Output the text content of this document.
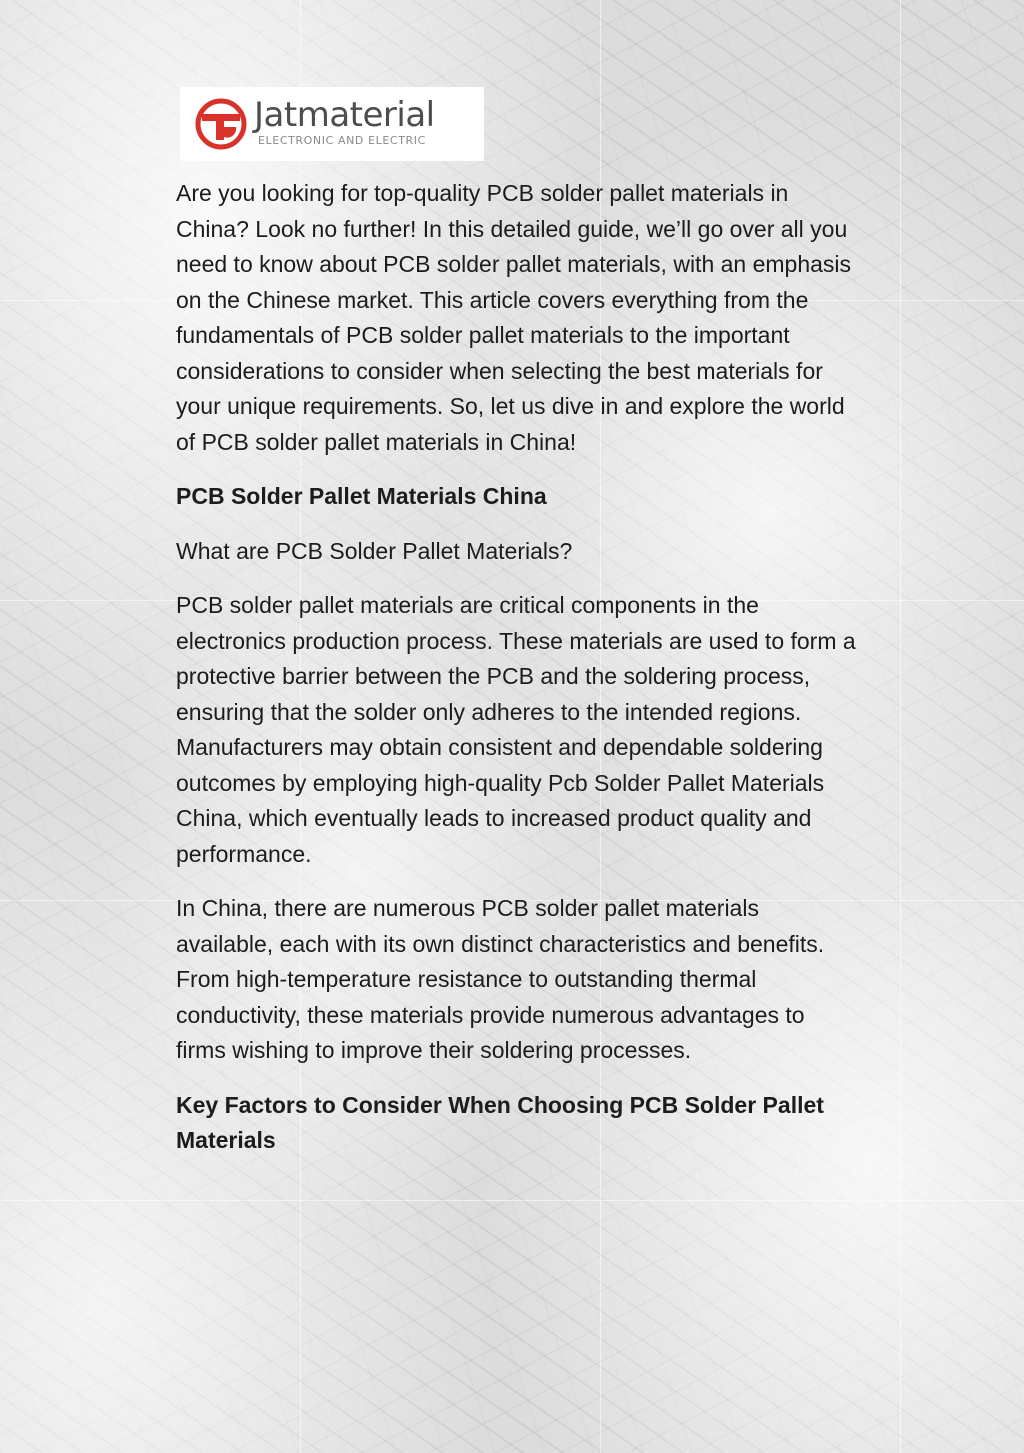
Jatmaterial
ELECTRONIC AND ELECTRIC

Are you looking for top-quality PCB solder pallet materials in China? Look no further! In this detailed guide, we’ll go over all you need to know about PCB solder pallet materials, with an emphasis on the Chinese market. This article covers everything from the fundamentals of PCB solder pallet materials to the important considerations to consider when selecting the best materials for your unique requirements. So, let us dive in and explore the world of PCB solder pallet materials in China!

PCB Solder Pallet Materials China

What are PCB Solder Pallet Materials?

PCB solder pallet materials are critical components in the electronics production process. These materials are used to form a protective barrier between the PCB and the soldering process, ensuring that the solder only adheres to the intended regions. Manufacturers may obtain consistent and dependable soldering outcomes by employing high-quality Pcb Solder Pallet Materials China, which eventually leads to increased product quality and performance.

In China, there are numerous PCB solder pallet materials available, each with its own distinct characteristics and benefits. From high-temperature resistance to outstanding thermal conductivity, these materials provide numerous advantages to firms wishing to improve their soldering processes.

Key Factors to Consider When Choosing PCB Solder Pallet Materials
